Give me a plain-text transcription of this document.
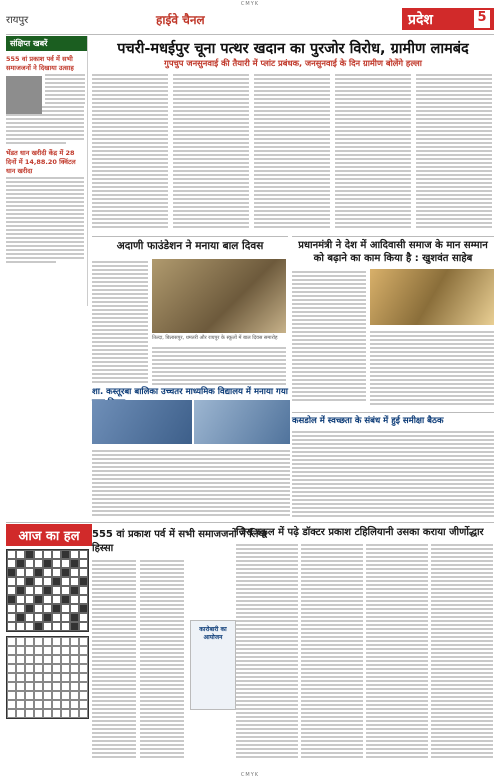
CMYK
रायपुर	हाईवे चैनल	प्रदेश	5
संक्षिप्त खबरें
555 वां प्रकाश पर्व में सभी समाजजनों ने दिखाया उत्साह
भेंडत धान खरीदी केंद्र में 28 दिनों में 14,88.20 क्विंटल धान खरीदा
पचरी-मधईपुर चूना पत्थर खदान का पुरजोर विरोध, ग्रामीण लामबंद
गुपचुप जनसुनवाई की तैयारी में प्लांट प्रबंधक, जनसुनवाई के दिन ग्रामीण बोलेंगे हल्ला
अदाणी फाउंडेशन ने मनाया बाल दिवस
तिल्दा, बिलासपुर, धमतरी और रायपुर के स्कूलों में बाल दिवस समारोह
शा. कस्तूरबा बालिका उच्चतर माध्यमिक विद्यालय में मनाया गया
प्रधानमंत्री ने देश में आदिवासी समाज के मान सम्मान को बढ़ाने का काम किया है : खुशवंत साहेब
कसडोल में स्वच्छता के संबंध में हुई समीक्षा बैठक
आज का हल	555 वां प्रकाश पर्व में सभी समाजजनों ने लिया हिस्सा
कारोबारी का आयोजन
जिस स्कूल में पढ़े डॉक्टर प्रकाश टहिलियानी उसका कराया जीर्णोद्धार
CMYK
